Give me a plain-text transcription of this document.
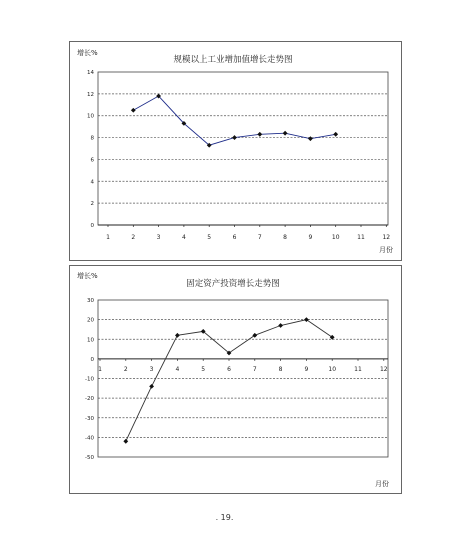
0
2
4
6
8
10
12
14
1	2	3	4	5	6	7	8	9	10	11	12
规模以上工业增加值增长走势图
增长%
月份
-50
-40
-30
-20
-10
0
10
20
30
1	2	3	4	5	6	7	8	9	10	11	12
固定资产投资增长走势图
增长%
月份
. 19.
